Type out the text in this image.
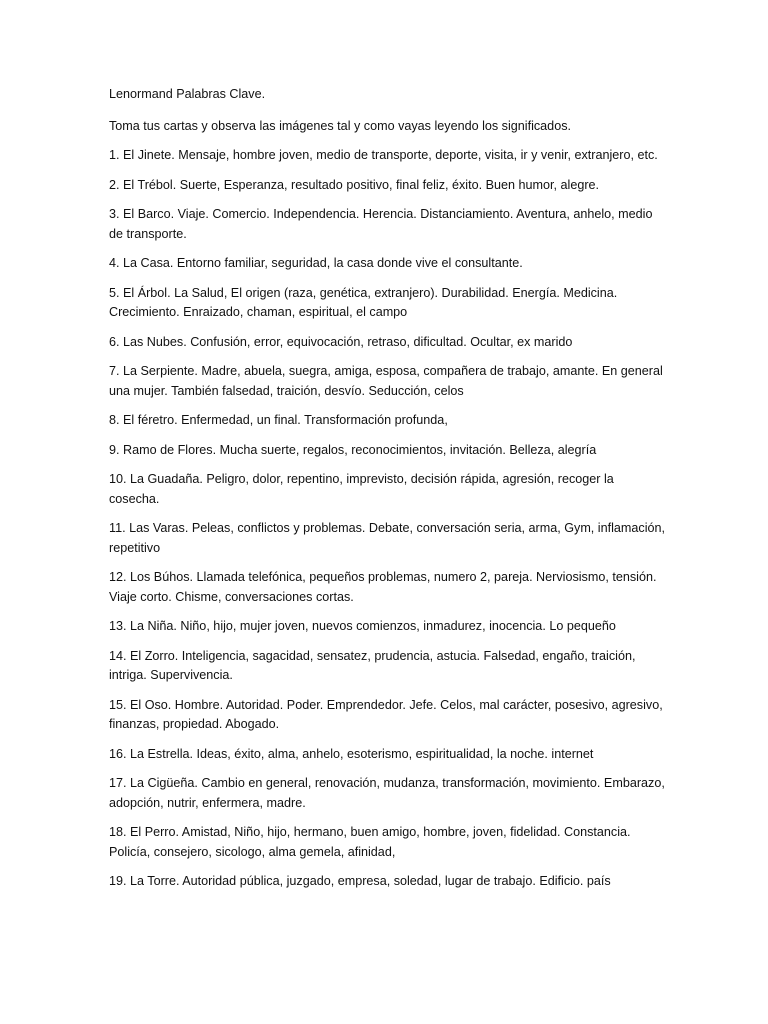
Lenormand Palabras Clave.

Toma tus cartas y observa las imágenes tal y como vayas leyendo los significados.

1. El Jinete. Mensaje, hombre joven, medio de transporte, deporte, visita, ir y venir, extranjero, etc.

2. El Trébol. Suerte, Esperanza, resultado positivo, final feliz, éxito. Buen humor, alegre.

3. El Barco. Viaje. Comercio. Independencia. Herencia. Distanciamiento. Aventura, anhelo, medio de transporte.

4. La Casa. Entorno familiar, seguridad, la casa donde vive el consultante.

5. El Árbol. La Salud, El origen (raza, genética, extranjero). Durabilidad. Energía. Medicina. Crecimiento. Enraizado, chaman, espiritual, el campo

6. Las Nubes. Confusión, error, equivocación, retraso, dificultad. Ocultar, ex marido

7. La Serpiente. Madre, abuela, suegra, amiga, esposa, compañera de trabajo, amante. En general una mujer. También falsedad, traición, desvío. Seducción, celos

8. El féretro. Enfermedad, un final. Transformación profunda,

9. Ramo de Flores. Mucha suerte, regalos, reconocimientos, invitación. Belleza, alegría

10. La Guadaña. Peligro, dolor, repentino, imprevisto, decisión rápida, agresión, recoger la cosecha.

11. Las Varas. Peleas, conflictos y problemas. Debate, conversación seria, arma, Gym, inflamación, repetitivo

12. Los Búhos. Llamada telefónica, pequeños problemas, numero 2, pareja. Nerviosismo, tensión. Viaje corto. Chisme, conversaciones cortas.

13. La Niña. Niño, hijo, mujer joven, nuevos comienzos, inmadurez, inocencia. Lo pequeño

14. El Zorro. Inteligencia, sagacidad, sensatez, prudencia, astucia. Falsedad, engaño, traición, intriga. Supervivencia.

15. El Oso. Hombre. Autoridad. Poder. Emprendedor. Jefe. Celos, mal carácter, posesivo, agresivo, finanzas, propiedad. Abogado.

16. La Estrella. Ideas, éxito, alma, anhelo, esoterismo, espiritualidad, la noche. internet

17. La Cigüeña. Cambio en general, renovación, mudanza, transformación, movimiento. Embarazo, adopción, nutrir, enfermera, madre.

18. El Perro. Amistad, Niño, hijo, hermano, buen amigo, hombre, joven, fidelidad. Constancia. Policía, consejero, sicologo, alma gemela, afinidad,

19. La Torre. Autoridad pública, juzgado, empresa, soledad, lugar de trabajo. Edificio. país
